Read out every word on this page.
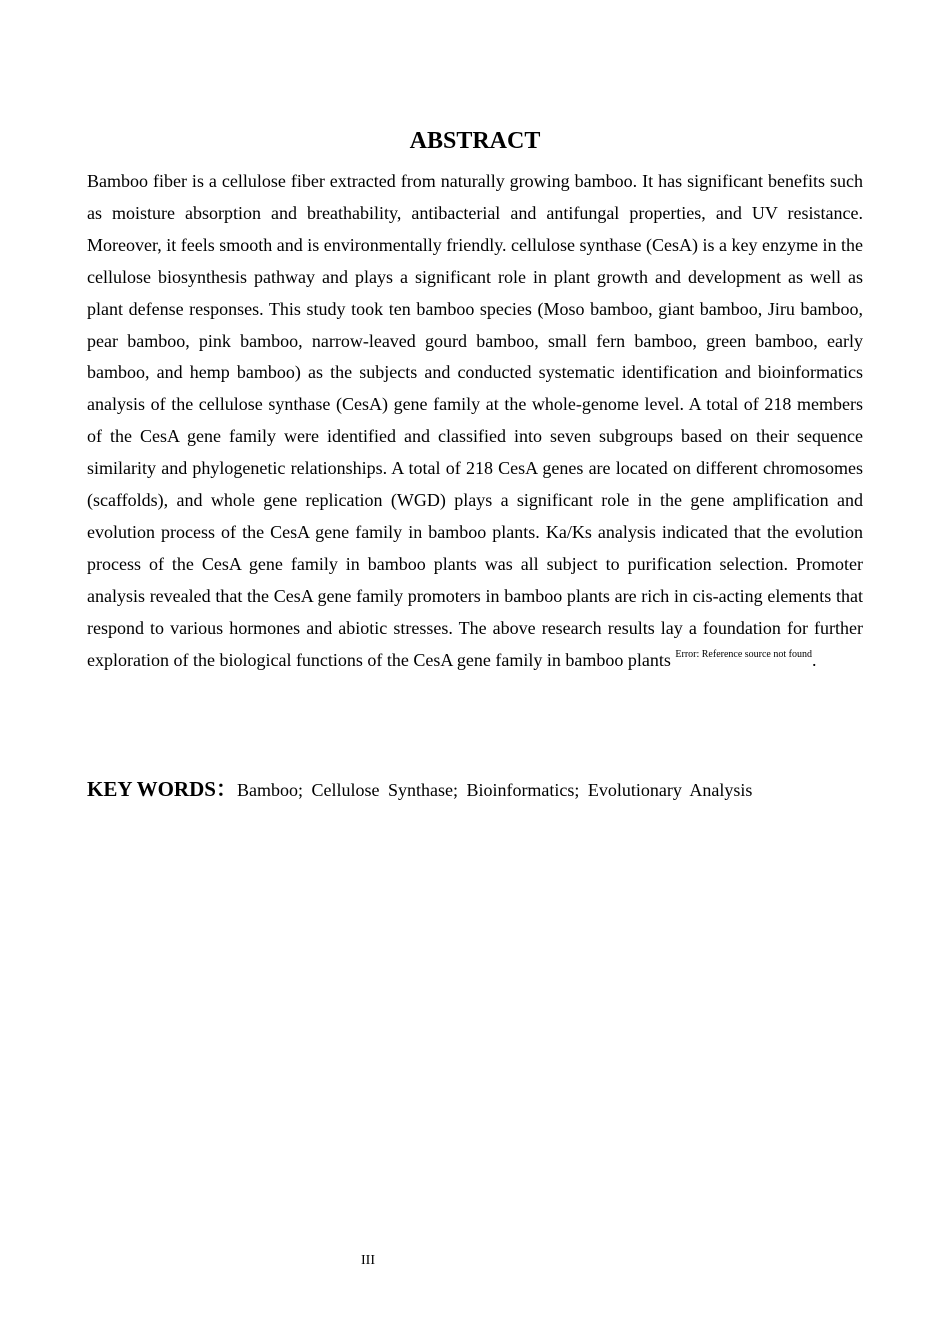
ABSTRACT

Bamboo fiber is a cellulose fiber extracted from naturally growing bamboo. It has significant benefits such as moisture absorption and breathability, antibacterial and antifungal properties, and UV resistance. Moreover, it feels smooth and is environmentally friendly. cellulose synthase (CesA) is a key enzyme in the cellulose biosynthesis pathway and plays a significant role in plant growth and development as well as plant defense responses. This study took ten bamboo species (Moso bamboo, giant bamboo, Jiru bamboo, pear bamboo, pink bamboo, narrow-leaved gourd bamboo, small fern bamboo, green bamboo, early bamboo, and hemp bamboo) as the subjects and conducted systematic identification and bioinformatics analysis of the cellulose synthase (CesA) gene family at the whole-genome level. A total of 218 members of the CesA gene family were identified and classified into seven subgroups based on their sequence similarity and phylogenetic relationships. A total of 218 CesA genes are located on different chromosomes (scaffolds), and whole gene replication (WGD) plays a significant role in the gene amplification and evolution process of the CesA gene family in bamboo plants. Ka/Ks analysis indicated that the evolution process of the CesA gene family in bamboo plants was all subject to purification selection. Promoter analysis revealed that the CesA gene family promoters in bamboo plants are rich in cis-acting elements that respond to various hormones and abiotic stresses. The above research results lay a foundation for further exploration of the biological functions of the CesA gene family in bamboo plants $^{Error: Reference source not found}$.

KEY WORDS：Bamboo; Cellulose Synthase; Bioinformatics; Evolutionary Analysis

III
